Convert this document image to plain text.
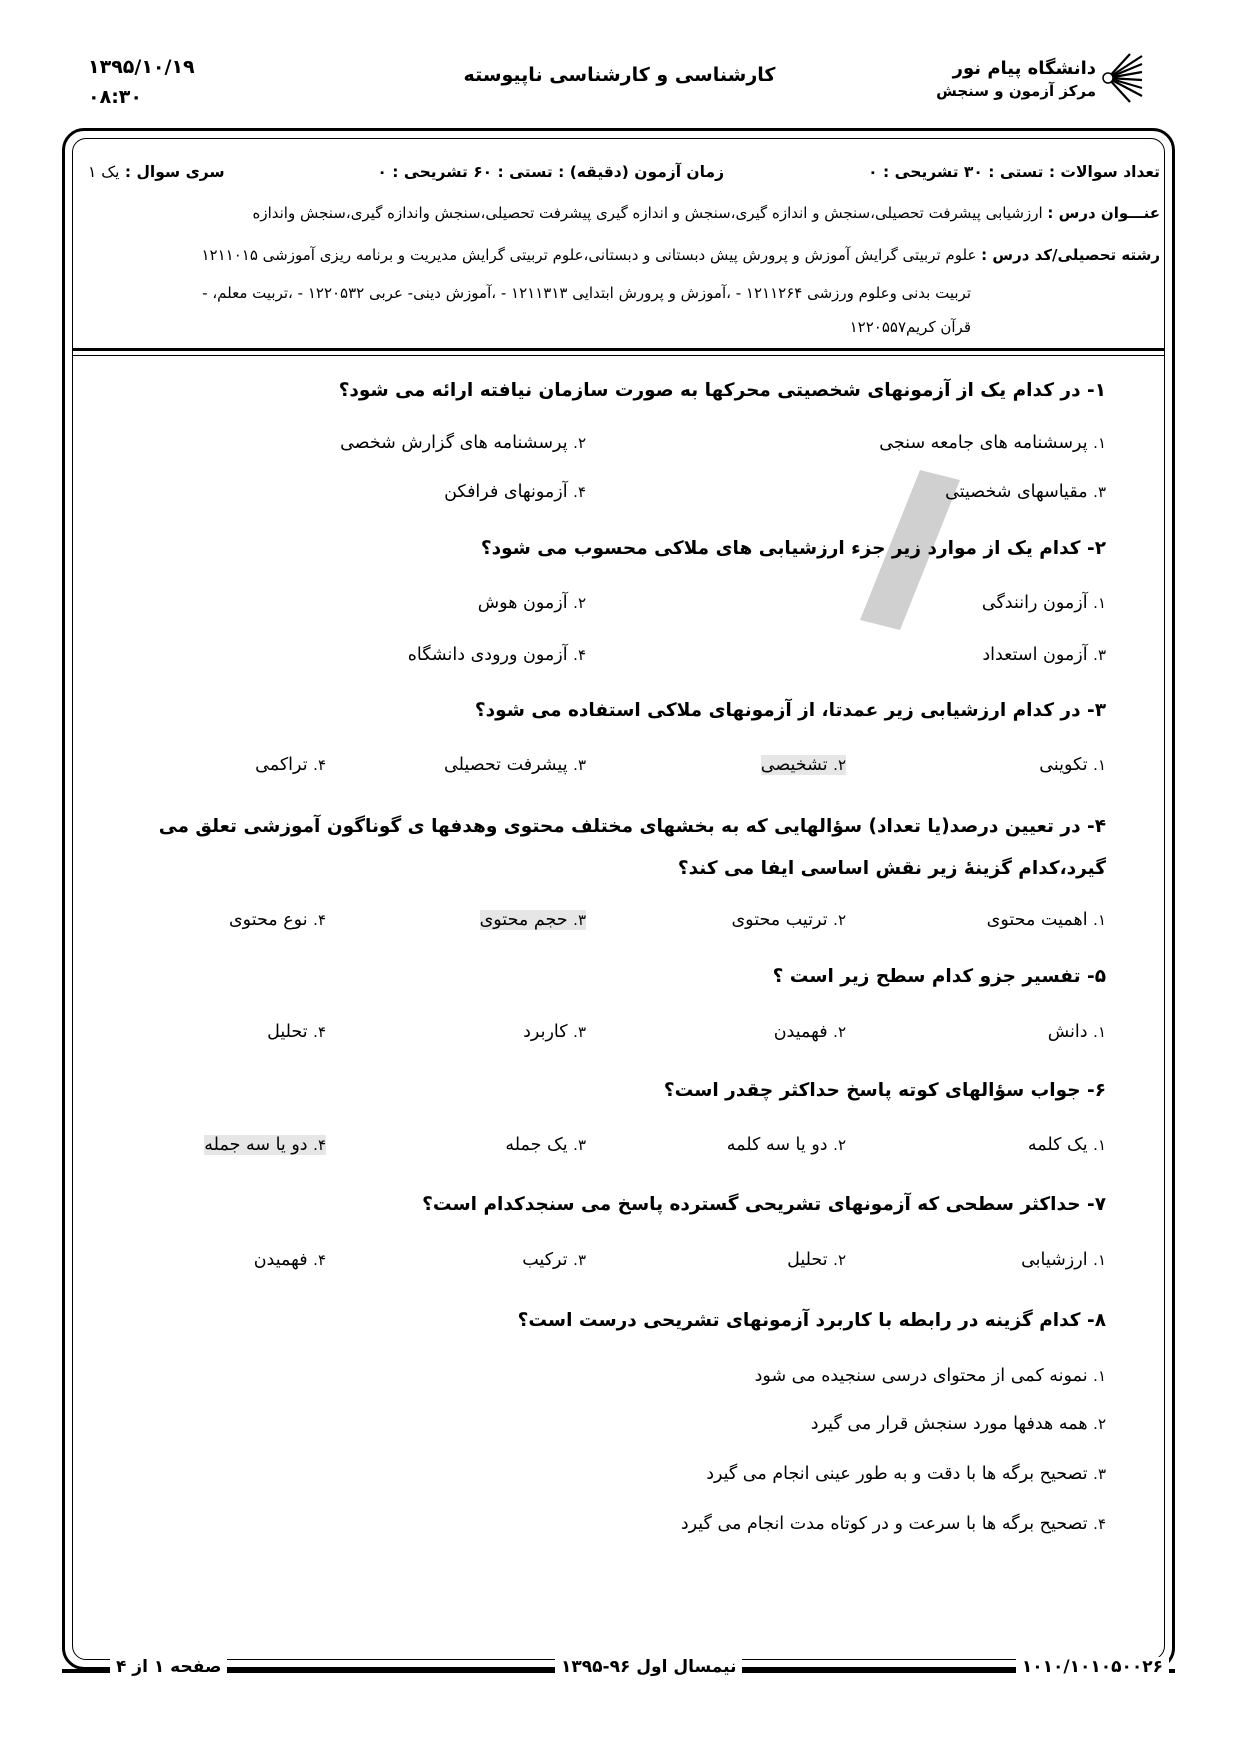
دانشگاه پیام نور
مرکز آزمون و سنجش
کارشناسی و کارشناسی ناپیوسته
۱۳۹۵/۱۰/۱۹
۰۸:۳۰
تعداد سوالات : تستی : ۳۰ تشریحی : ۰
زمان آزمون (دقیقه) : تستی : ۶۰ تشریحی : ۰
سری سوال : یک ۱
عنـــوان درس : ارزشیابی پیشرفت تحصیلی،سنجش و اندازه گیری،سنجش و اندازه گیری پیشرفت تحصیلی،سنجش واندازه گیری،سنجش واندازه
رشته تحصیلی/کد درس : علوم تربیتی گرایش آموزش و پرورش پیش دبستانی و دبستانی،علوم تربیتی گرایش مدیریت و برنامه ریزی آموزشی ۱۲۱۱۰۱۵
تربیت بدنی وعلوم ورزشی ۱۲۱۱۲۶۴ - ،آموزش و پرورش ابتدایی ۱۲۱۱۳۱۳ - ،آموزش دینی- عربی ۱۲۲۰۵۳۲ - ،تربیت معلم، -
قرآن کریم۱۲۲۰۵۵۷
۱- در کدام یک از آزمونهای شخصیتی محرکها به صورت سازمان نیافته ارائه می شود؟
۱. پرسشنامه های جامعه سنجی
۲. پرسشنامه های گزارش شخصی
۳. مقیاسهای شخصیتی
۴. آزمونهای فرافکن
۲- کدام یک از موارد زیر جزء ارزشیابی های ملاکی محسوب می شود؟
۱. آزمون رانندگی
۲. آزمون هوش
۳. آزمون استعداد
۴. آزمون ورودی دانشگاه
۳- در کدام ارزشیابی زیر عمدتا، از آزمونهای ملاکی استفاده می شود؟
۱. تکوینی
۲. تشخیصی
۳. پیشرفت تحصیلی
۴. تراکمی
۴- در تعیین درصد(یا تعداد) سؤالهایی که به بخشهای مختلف محتوی وهدفها ی گوناگون آموزشی تعلق می گیرد،کدام گزینهٔ زیر نقش اساسی ایفا می کند؟
۱. اهمیت محتوی
۲. ترتیب محتوی
۳. حجم محتوی
۴. نوع محتوی
۵- تفسیر جزو کدام سطح زیر است ؟
۱. دانش
۲. فهمیدن
۳. کاربرد
۴. تحلیل
۶- جواب سؤالهای کوته پاسخ حداکثر چقدر است؟
۱. یک کلمه
۲. دو یا سه کلمه
۳. یک جمله
۴. دو یا سه جمله
۷- حداکثر سطحی که آزمونهای تشریحی گسترده پاسخ می سنجدکدام است؟
۱. ارزشیابی
۲. تحلیل
۳. ترکیب
۴. فهمیدن
۸- کدام گزینه در رابطه با کاربرد آزمونهای تشریحی درست است؟
۱. نمونه کمی از محتوای درسی سنجیده می شود
۲. همه هدفها مورد سنجش قرار می گیرد
۳. تصحیح برگه ها با دقت و به طور عینی انجام می گیرد
۴. تصحیح برگه ها با سرعت و در کوتاه مدت انجام می گیرد
۱۰۱۰/۱۰۱۰۵۰۰۲۶
نیمسال اول ۹۶-۱۳۹۵
صفحه ۱ از ۴
